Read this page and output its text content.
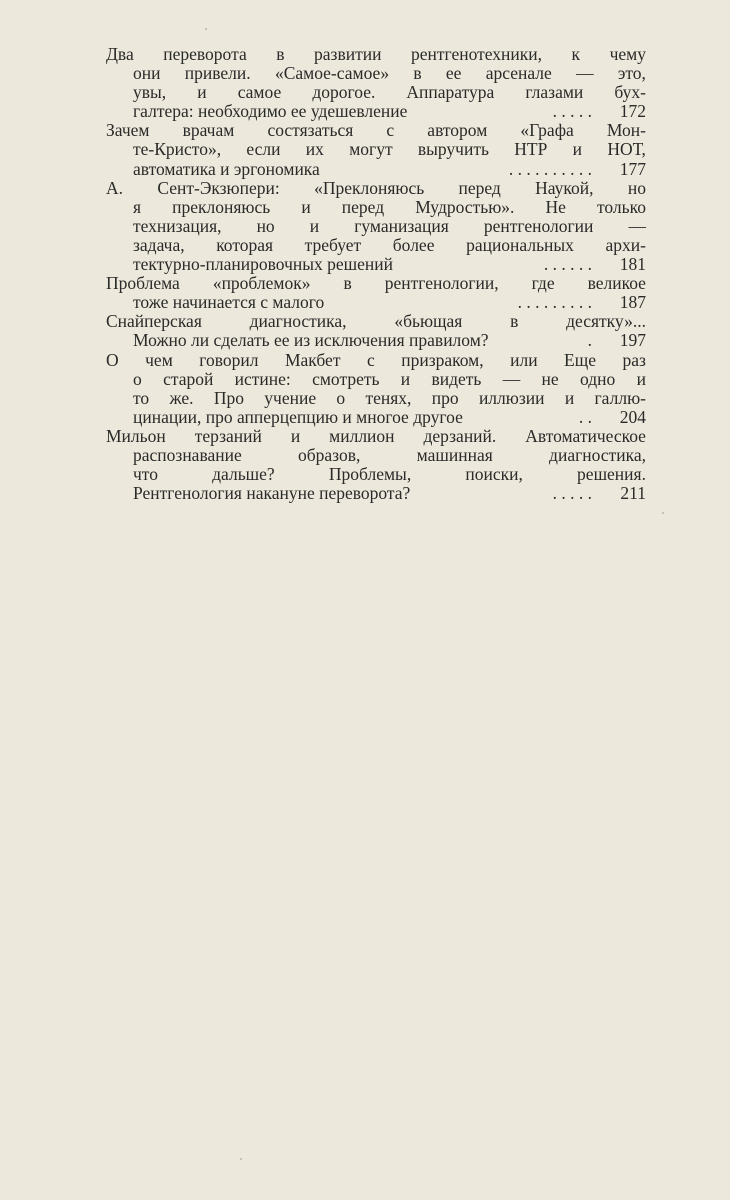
Два переворота в развитии рентгенотехники, к чему
они привели. «Самое-самое» в ее арсенале — это,
увы, и самое дорогое. Аппаратура глазами бух-
галтера: необходимо ее удешевление	. . . . .	172
Зачем врачам состязаться с автором «Графа Мон-
те-Кристо», если их могут выручить НТР и НОТ,
автоматика и эргономика	. . . . . . . . . .	177
А. Сент-Экзюпери: «Преклоняюсь перед Наукой, но
я преклоняюсь и перед Мудростью». Не только
технизация, но и гуманизация рентгенологии —
задача, которая требует более рациональных архи-
тектурно-планировочных решений	. . . . . .	181
Проблема «проблемок» в рентгенологии, где великое
тоже начинается с малого	. . . . . . . . .	187
Снайперская	диагностика,	«бьющая	в	десятку»...
Можно ли сделать ее из исключения правилом?	.	197
О чем говорил Макбет с призраком, или Еще раз
о старой истине: смотреть и видеть — не одно и
то же. Про учение о тенях, про иллюзии и галлю-
цинации, про апперцепцию и многое другое	. .	204
Мильон терзаний и миллион дерзаний. Автоматическое
распознавание	образов,	машинная	диагностика,
что	дальше?	Проблемы,	поиски,	решения.
Рентгенология накануне переворота?	. . . . .	211
